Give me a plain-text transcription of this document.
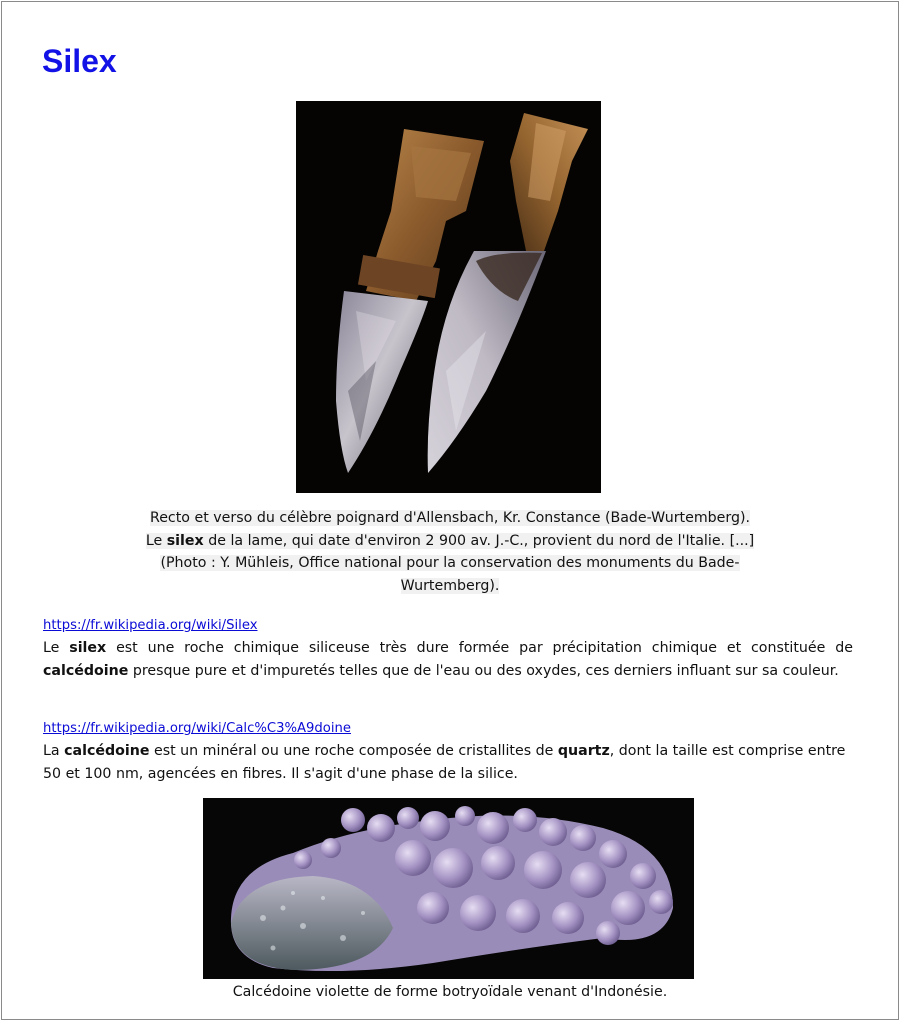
Silex
Recto et verso du célèbre poignard d'Allensbach, Kr. Constance (Bade-Wurtemberg).
Le silex de la lame, qui date d'environ 2 900 av. J.-C., provient du nord de l'Italie. [...]
(Photo : Y. Mühleis, Office national pour la conservation des monuments du Bade-
Wurtemberg).
https://fr.wikipedia.org/wiki/Silex
Le silex est une roche chimique siliceuse très dure formée par précipitation chimique et constituée de calcédoine presque pure et d'impuretés telles que de l'eau ou des oxydes, ces derniers influant sur sa couleur.
https://fr.wikipedia.org/wiki/Calc%C3%A9doine
La calcédoine est un minéral ou une roche composée de cristallites de quartz, dont la taille est comprise entre 50 et 100 nm, agencées en fibres. Il s'agit d'une phase de la silice.
Calcédoine violette de forme botryoïdale venant d'Indonésie.
